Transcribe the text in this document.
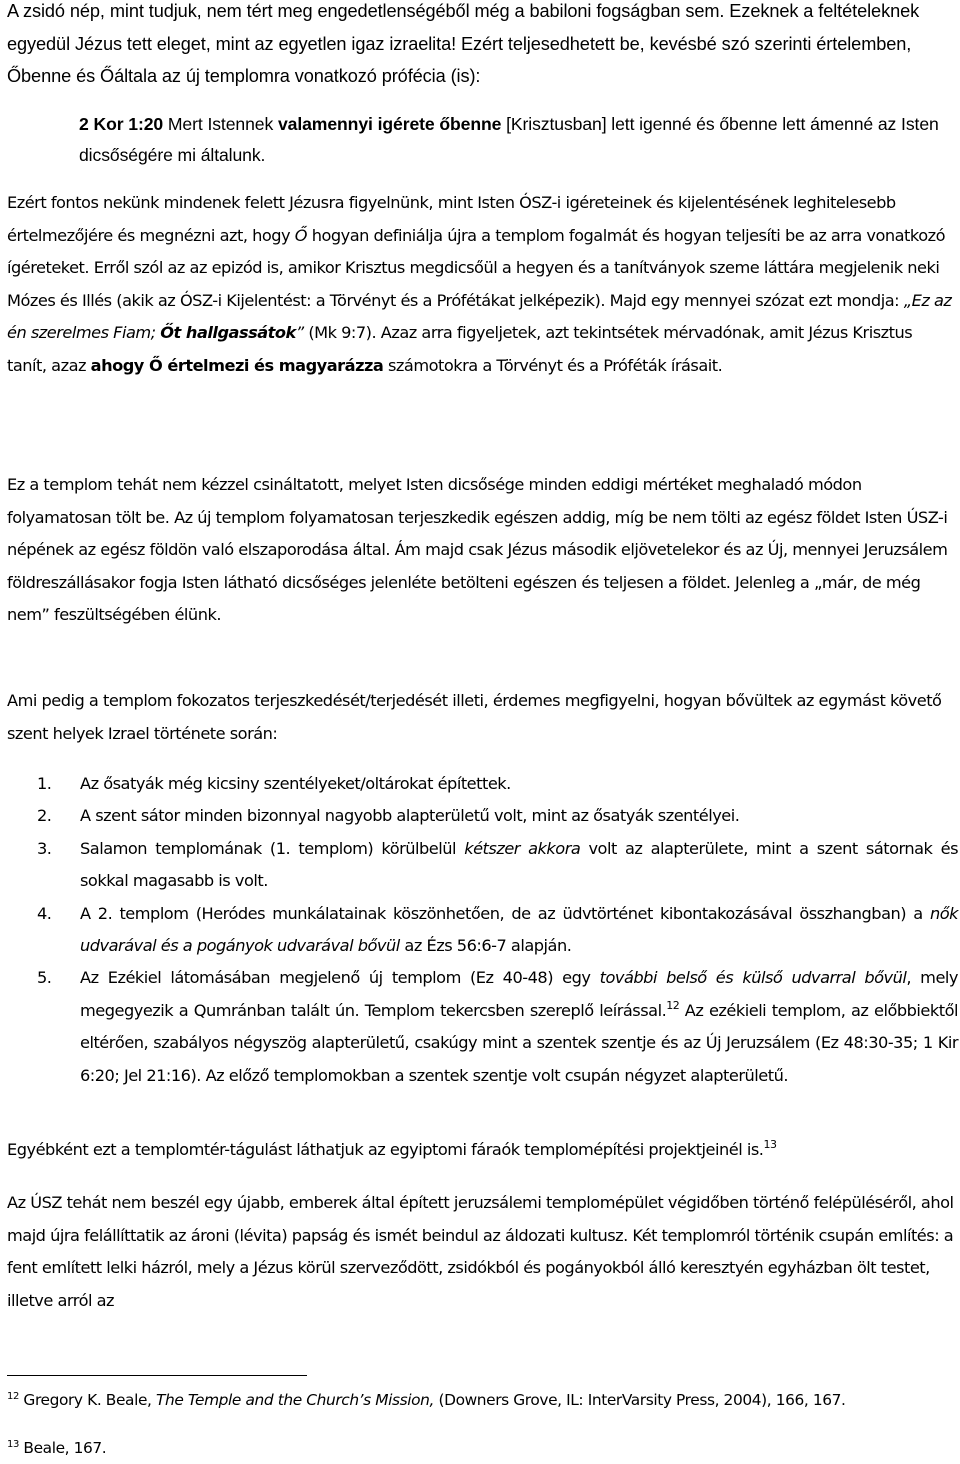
A zsidó nép, mint tudjuk, nem tért meg engedetlenségéből még a babiloni fogságban sem. Ezeknek a feltételeknek egyedül Jézus tett eleget, mint az egyetlen igaz izraelita! Ezért teljesedhetett be, kevésbé szó szerinti értelemben, Őbenne és Őáltala az új templomra vonatkozó prófécia (is):

2 Kor 1:20 Mert Istennek valamennyi igérete őbenne [Krisztusban] lett igenné és őbenne lett ámenné az Isten dicsőségére mi általunk.

Ezért fontos nekünk mindenek felett Jézusra figyelnünk, mint Isten ÓSZ-i igéreteinek és kijelentésének leghitelesebb értelmezőjére és megnézni azt, hogy Ő hogyan definiálja újra a templom fogalmát és hogyan teljesíti be az arra vonatkozó ígéreteket. Erről szól az az epizód is, amikor Krisztus megdicsőül a hegyen és a tanítványok szeme láttára megjelenik neki Mózes és Illés (akik az ÓSZ-i Kijelentést: a Törvényt és a Prófétákat jelképezik). Majd egy mennyei szózat ezt mondja: „Ez az én szerelmes Fiam; Őt hallgassátok” (Mk 9:7). Azaz arra figyeljetek, azt tekintsétek mérvadónak, amit Jézus Krisztus tanít, azaz ahogy Ő értelmezi és magyarázza számotokra a Törvényt és a Próféták írásait.

Ez a templom tehát nem kézzel csináltatott, melyet Isten dicsősége minden eddigi mértéket meghaladó módon folyamatosan tölt be. Az új templom folyamatosan terjeszkedik egészen addig, míg be nem tölti az egész földet Isten ÚSZ-i népének az egész földön való elszaporodása által. Ám majd csak Jézus második eljövetelekor és az Új, mennyei Jeruzsálem földreszállásakor fogja Isten látható dicsőséges jelenléte betölteni egészen és teljesen a földet. Jelenleg a „már, de még nem” feszültségében élünk.

Ami pedig a templom fokozatos terjeszkedését/terjedését illeti, érdemes megfigyelni, hogyan bővültek az egymást követő szent helyek Izrael története során:

1. Az ősatyák még kicsiny szentélyeket/oltárokat építettek.
2. A szent sátor minden bizonnyal nagyobb alapterületű volt, mint az ősatyák szentélyei.
3. Salamon templomának (1. templom) körülbelül kétszer akkora volt az alapterülete, mint a szent sátornak és sokkal magasabb is volt.
4. A 2. templom (Heródes munkálatainak köszönhetően, de az üdvtörténet kibontakozásával összhangban) a nők udvarával és a pogányok udvarával bővül az Ézs 56:6-7 alapján.
5. Az Ezékiel látomásában megjelenő új templom (Ez 40-48) egy további belső és külső udvarral bővül, mely megegyezik a Qumránban talált ún. Templom tekercsben szereplő leírással.$^{12}$ Az ezékieli templom, az előbbiektől eltérően, szabályos négyszög alapterületű, csakúgy mint a szentek szentje és az Új Jeruzsálem (Ez 48:30-35; 1 Kir 6:20; Jel 21:16). Az előző templomokban a szentek szentje volt csupán négyzet alapterületű.

Egyébként ezt a templomtér-tágulást láthatjuk az egyiptomi fáraók templomépítési projektjeinél is.$^{13}$

Az ÚSZ tehát nem beszél egy újabb, emberek által épített jeruzsálemi templomépület végidőben történő felépüléséről, ahol majd újra felállíttatik az ároni (lévita) papság és ismét beindul az áldozati kultusz. Két templomról történik csupán említés: a fent említett lelki házról, mely a Jézus körül szerveződött, zsidókból és pogányokból álló keresztyén egyházban ölt testet, illetve arról az

$^{12}$ Gregory K. Beale, The Temple and the Church’s Mission, (Downers Grove, IL: InterVarsity Press, 2004), 166, 167.

$^{13}$ Beale, 167.
